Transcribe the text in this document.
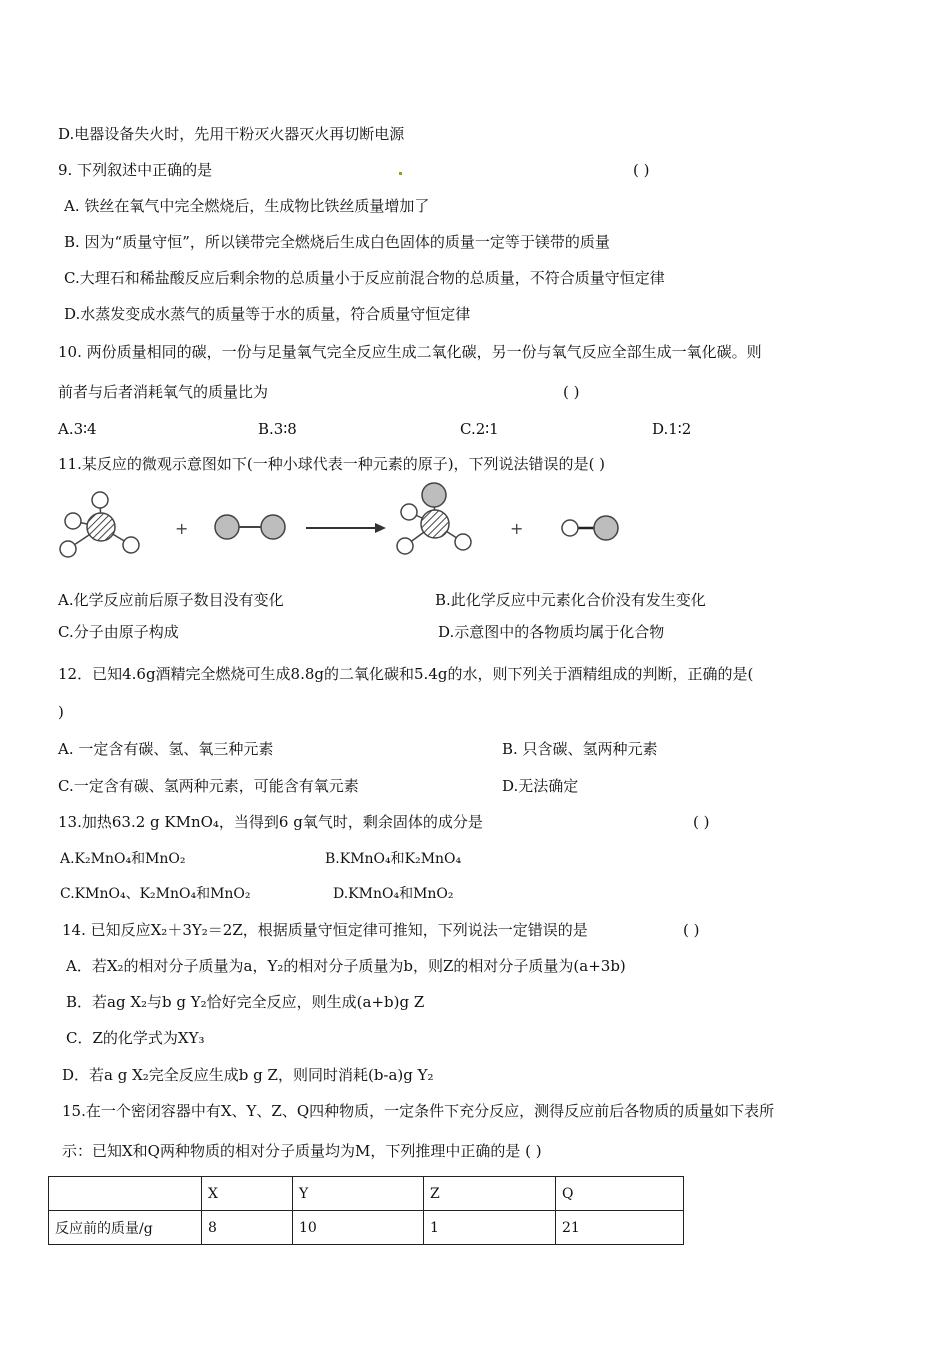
D.电器设备失火时，先用干粉灭火器灭火再切断电源
9. 下列叙述中正确的是	( )
A. 铁丝在氧气中完全燃烧后，生成物比铁丝质量增加了
B. 因为“质量守恒”，所以镁带完全燃烧后生成白色固体的质量一定等于镁带的质量
C.大理石和稀盐酸反应后剩余物的总质量小于反应前混合物的总质量，不符合质量守恒定律
D.水蒸发变成水蒸气的质量等于水的质量，符合质量守恒定律
10. 两份质量相同的碳，一份与足量氧气完全反应生成二氧化碳，另一份与氧气反应全部生成一氧化碳。则
前者与后者消耗氧气的质量比为	( )
A.3∶4	B.3∶8	C.2∶1	D.1∶2
11.某反应的微观示意图如下(一种小球代表一种元素的原子)，下列说法错误的是( )
+	+
A.化学反应前后原子数目没有变化	B.此化学反应中元素化合价没有发生变化
C.分子由原子构成	D.示意图中的各物质均属于化合物
12．已知4.6g酒精完全燃烧可生成8.8g的二氧化碳和5.4g的水，则下列关于酒精组成的判断，正确的是(
)
A. 一定含有碳、氢、氧三种元素	B. 只含碳、氢两种元素
C.一定含有碳、氢两种元素，可能含有氧元素	D.无法确定
13.加热63.2 g KMnO₄，当得到6 g氧气时，剩余固体的成分是	( )
A.K₂MnO₄和MnO₂	B.KMnO₄和K₂MnO₄
C.KMnO₄、K₂MnO₄和MnO₂	D.KMnO₄和MnO₂
14. 已知反应X₂＋3Y₂＝2Z，根据质量守恒定律可推知，下列说法一定错误的是	( )
A．若X₂的相对分子质量为a，Y₂的相对分子质量为b，则Z的相对分子质量为(a+3b)
B．若ag X₂与b g Y₂恰好完全反应，则生成(a+b)g Z
C．Z的化学式为XY₃
D．若a g X₂完全反应生成b g Z，则同时消耗(b-a)g Y₂
15.在一个密闭容器中有X、Y、Z、Q四种物质，一定条件下充分反应，测得反应前后各物质的质量如下表所
示：已知X和Q两种物质的相对分子质量均为M，下列推理中正确的是 ( )
	X	Y	Z	Q
反应前的质量/g	8	10	1	21
